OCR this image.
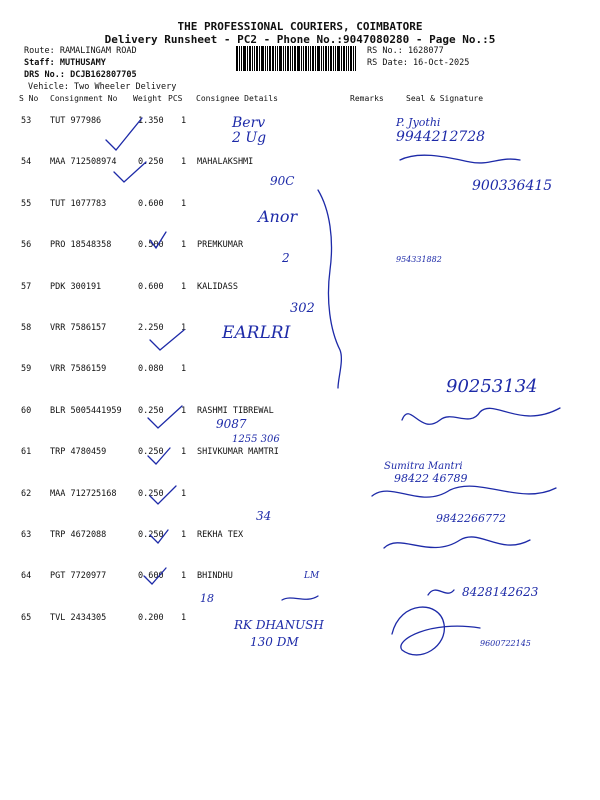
THE PROFESSIONAL COURIERS, COIMBATORE
Delivery Runsheet - PC2 - Phone No.:9047080280 - Page No.:5
Route: RAMALINGAM ROAD
Staff: MUTHUSAMY
DRS No.: DCJB162807705
Vehicle: Two Wheeler Delivery
RS No.: 1628077
RS Date: 16-Oct-2025
S No Consignment No Weight PCS Consignee Details	Remarks	Seal & Signature
53 TUT 977986	1.350 1
54 MAA 712508974	0.250 1 MAHALAKSHMI
55 TUT 1077783	0.600 1
56 PRO 18548358	0.500 1 PREMKUMAR
57 PDK 300191	0.600 1 KALIDASS
58 VRR 7586157	2.250 1
59 VRR 7586159	0.080 1
60 BLR 5005441959 0.250 1 RASHMI TIBREWAL
61 TRP 4780459	0.250 1 SHIVKUMAR MAMTRI
62 MAA 712725168	0.250 1
63 TRP 4672088	0.250 1 REKHA TEX
64 PGT 7720977	0.600 1 BHINDHU
65 TVL 2434305	0.200 1
Berv
2 Ug
P. Jyothi
9944212728
90C	900336415
Anor
954331882
302
EARLRI
2
90253134
9087
1255 306
Sumitra Mantri
98422 46789
34	9842266772
LM
18	8428142623
RK DHANUSH
130 DM	9600722145
